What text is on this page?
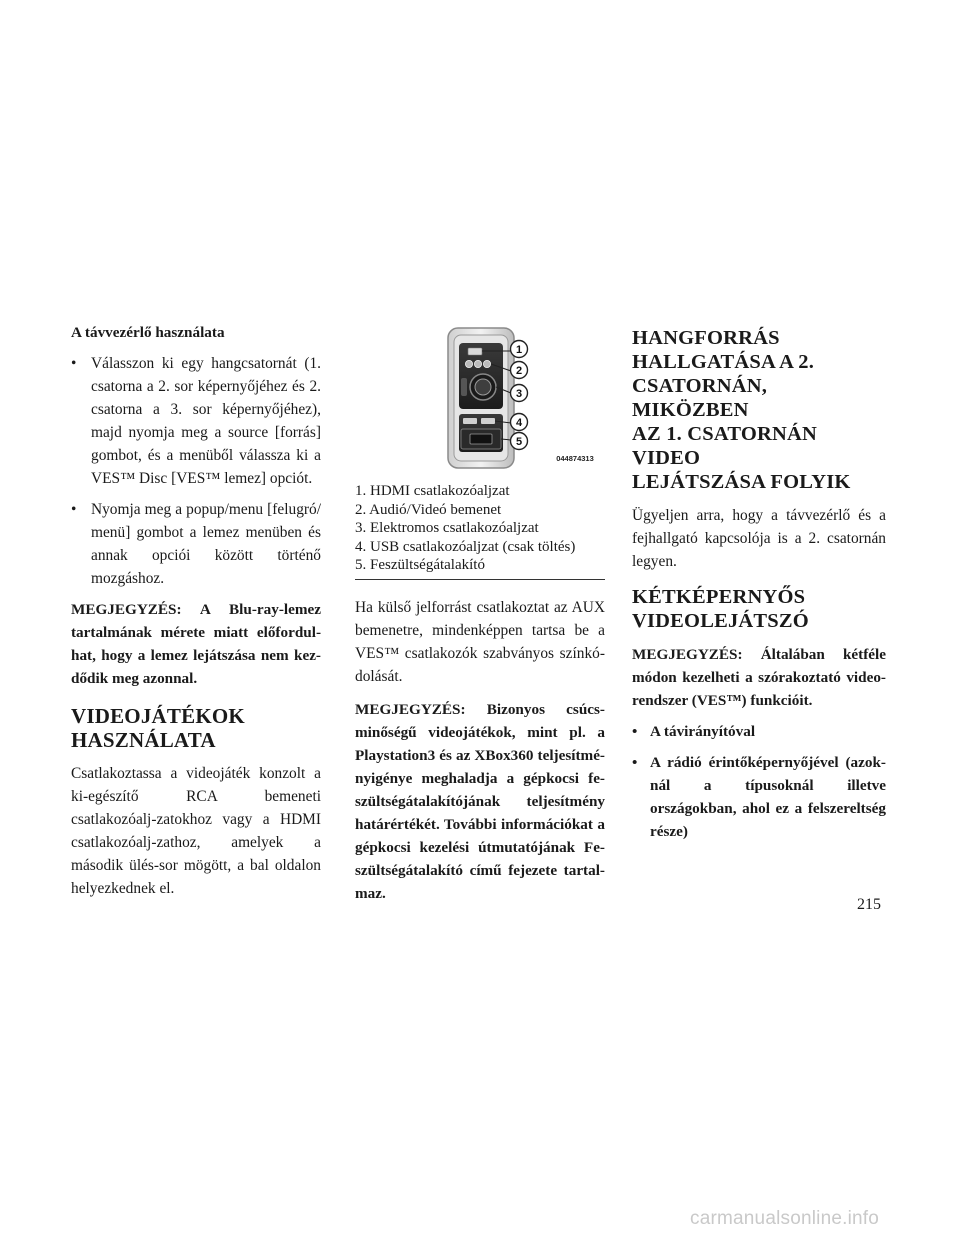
A távvezérlő használata

• Válasszon ki egy hangcsatornát (1. csatorna a 2. sor képernyőjéhez és 2. csatorna a 3. sor képernyőjéhez), majd nyomja meg a source [forrás] gombot, és a menüből válassza ki a VES™ Disc [VES™ lemez] opciót.
• Nyomja meg a popup/menu [felugró/ menü] gombot a lemez menüben és annak opciói között történő mozgáshoz.

MEGJEGYZÉS: A Blu-ray-lemez tartalmának mérete miatt előfordul-hat, hogy a lemez lejátszása nem kez-dődik meg azonnal.

VIDEOJÁTÉKOK
HASZNÁLATA

Csatlakoztassa a videojáték konzolt a ki-egészítő RCA bemeneti csatlakozóalj-zatokhoz vagy a HDMI csatlakozóalj-zathoz, amelyek a második ülés-sor mögött, a bal oldalon helyezkednek el.

1
2
3
4
5
044874313
1. HDMI csatlakozóaljzat
2. Audió/Videó bemenet
3. Elektromos csatlakozóaljzat
4. USB csatlakozóaljzat (csak töltés)
5. Feszültségátalakító

Ha külső jelforrást csatlakoztat az AUX bemenetre, mindenképpen tartsa be a VES™ csatlakozók szabványos színkó-dolását.

MEGJEGYZÉS: Bizonyos csúcs-minőségű videojátékok, mint pl. a Playstation3 és az XBox360 teljesítmé-nyigénye meghaladja a gépkocsi fe-szültségátalakítójának teljesítmény határértékét. További információkat a gépkocsi kezelési útmutatójának Fe-szültségátalakító című fejezete tartal-maz.

HANGFORRÁS
HALLGATÁSA A 2.
CSATORNÁN, MIKÖZBEN
AZ 1. CSATORNÁN VIDEO
LEJÁTSZÁSA FOLYIK

Ügyeljen arra, hogy a távvezérlő és a fejhallgató kapcsolója is a 2. csatornán legyen.

KÉTKÉPERNYŐS
VIDEOLEJÁTSZÓ

MEGJEGYZÉS: Általában kétféle módon kezelheti a szórakoztató video-rendszer (VES™) funkcióit.

• A távirányítóval
• A rádió érintőképernyőjével (azok-nál a típusoknál illetve országokban, ahol ez a felszereltség része)
215
carmanualsonline.info
